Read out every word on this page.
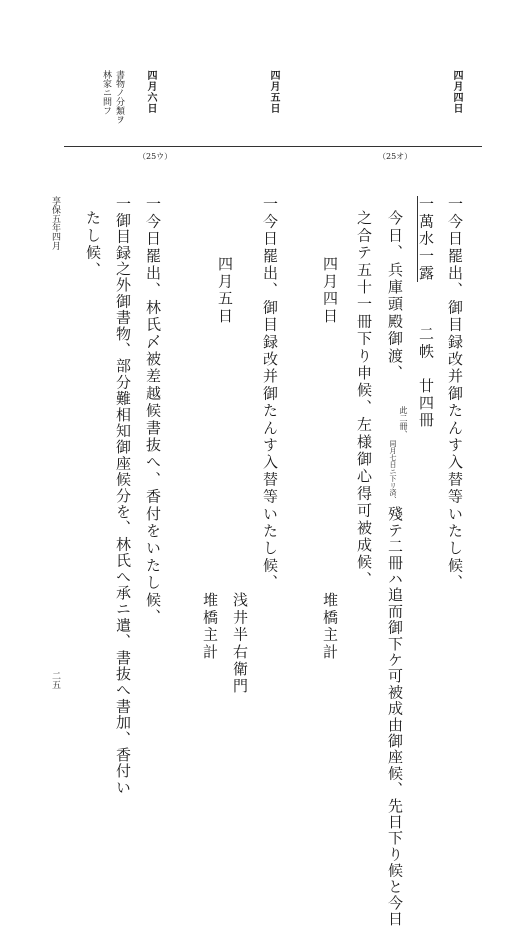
四月四日
四月五日
四月六日
書物ノ分類ヲ
林家ニ問フ
（25ウ）	（25オ）
一今日罷出、御目録改并御たんす入替等いたし候、
一萬水一露
二帙　廿四冊
今日、兵庫頭殿御渡、
此二冊、
同月七日ニ下リ済、
殘テ二冊ハ追而御下ケ可被成由御座候、先日下り候と今日
之合テ五十一冊下り申候、左様御心得可被成候、
堆橋主計
四月四日
一今日罷出、御目録改并御たんす入替等いたし候、
浅井半右衛門
四月五日
堆橋主計
一今日罷出、林氏〆被差越候書抜へ、香付をいたし候、
一御目録之外御書物、部分難相知御座候分を、林氏へ承ニ遣、書抜へ書加、香付い
たし候、
享保五年四月
二五
